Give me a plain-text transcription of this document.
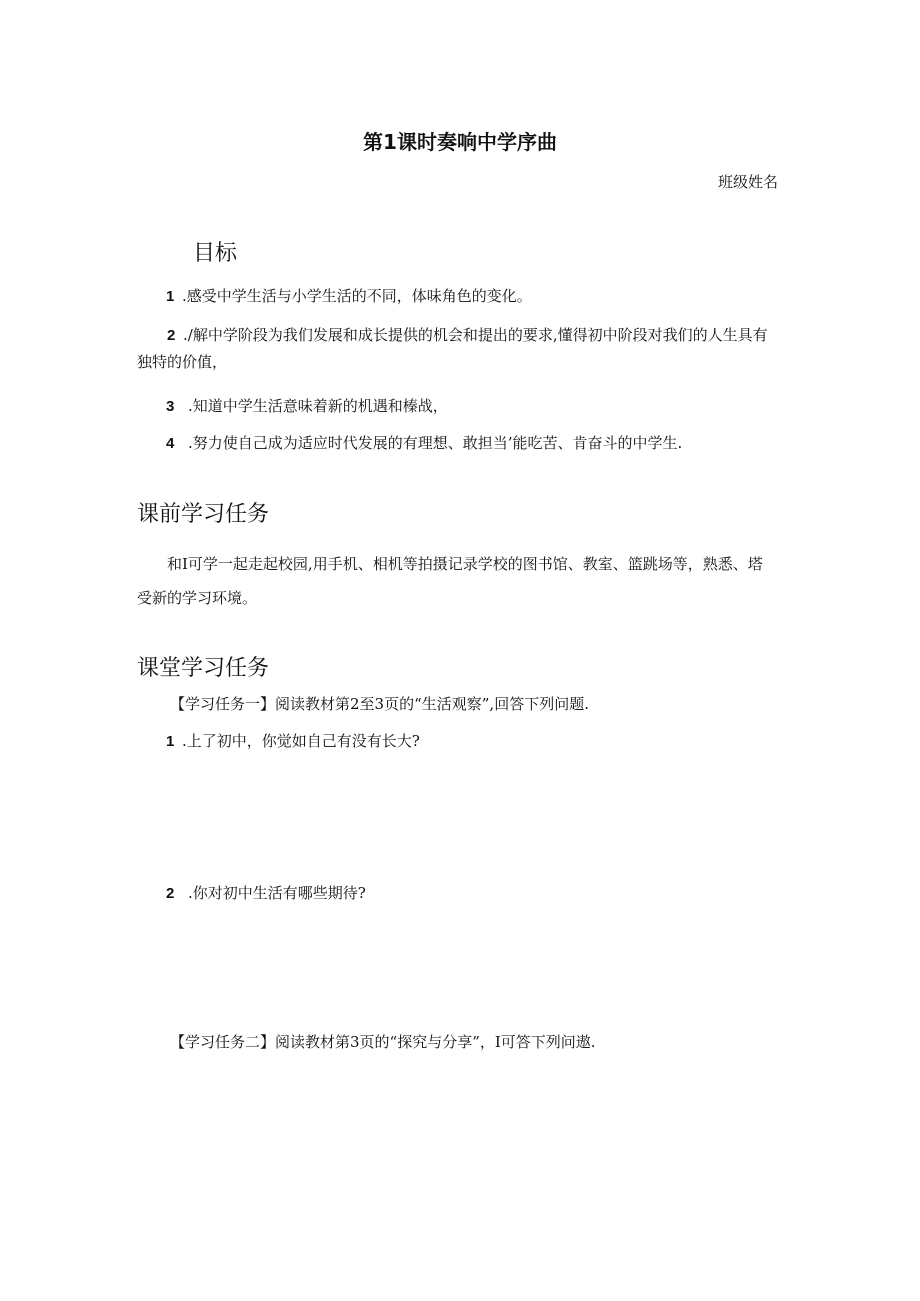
第1课时奏响中学序曲
班级姓名
目标
1 .感受中学生活与小学生活的不同，体味角色的变化。
2 ./解中学阶段为我们发展和成长提供的机会和提出的要求,懂得初中阶段对我们的人生具有独特的价值，
3 .知道中学生活意味着新的机遇和榛战，
4 .努力使自己成为适应时代发展的有理想、敢担当’能吃苦、肯奋斗的中学生.
课前学习任务
和I可学一起走起校园,用手机、相机等拍摄记录学校的图书馆、教室、篮跳场等，熟悉、塔受新的学习环境。
课堂学习任务
【学习任务一】阅读教材第2至3页的“生活观察”,回答下列问题.
1 .上了初中，你觉如自己有没有长大?
2 .你对初中生活有哪些期待?
【学习任务二】阅读教材第3页的“探究与分享”，I可答下列问遨.
